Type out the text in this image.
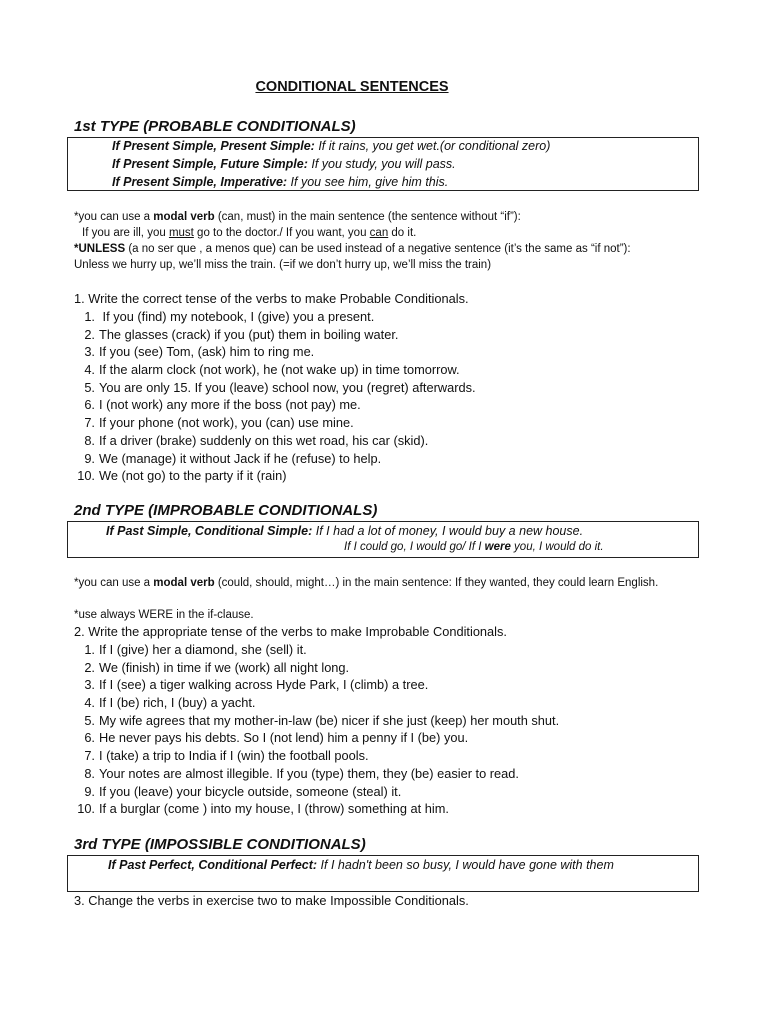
CONDITIONAL SENTENCES
1st TYPE (PROBABLE CONDITIONALS)
If Present Simple, Present Simple: If it rains, you get wet.(or conditional zero)
If Present Simple, Future Simple: If you study, you will pass.
If Present Simple, Imperative: If you see him, give him this.
*you can use a modal verb (can, must) in the main sentence (the sentence without “if”):
If you are ill, you must go to the doctor./ If you want, you can do it.
*UNLESS (a no ser que , a menos que) can be used instead of a negative sentence (it’s the same as “if not”):
Unless we hurry up, we’ll miss the train. (=if we don’t hurry up, we’ll miss the train)
1. Write the correct tense of the verbs to make Probable Conditionals.
1. If you (find) my notebook, I (give) you a present.
2. The glasses (crack) if you (put) them in boiling water.
3. If you (see) Tom, (ask) him to ring me.
4. If the alarm clock (not work), he (not wake up) in time tomorrow.
5. You are only 15. If you (leave) school now, you (regret) afterwards.
6. I (not work) any more if the boss (not pay) me.
7. If your phone (not work), you (can) use mine.
8. If a driver (brake) suddenly on this wet road, his car (skid).
9. We (manage) it without Jack if he (refuse) to help.
10. We (not go) to the party if it (rain)
2nd TYPE (IMPROBABLE CONDITIONALS)
If Past Simple, Conditional Simple: If I had a lot of money, I would buy a new house.
If I could go, I would go/ If I were you, I would do it.
*you can use a modal verb (could, should, might…) in the main sentence: If they wanted, they could learn English.
*use always WERE in the if-clause.
2. Write the appropriate tense of the verbs to make Improbable Conditionals.
1. If I (give) her a diamond, she (sell) it.
2. We (finish) in time if we (work) all night long.
3. If I (see) a tiger walking across Hyde Park, I (climb) a tree.
4. If I (be) rich, I (buy) a yacht.
5. My wife agrees that my mother-in-law (be) nicer if she just (keep) her mouth shut.
6. He never pays his debts. So I (not lend) him a penny if I (be) you.
7. I (take) a trip to India if I (win) the football pools.
8. Your notes are almost illegible. If you (type) them, they (be) easier to read.
9. If you (leave) your bicycle outside, someone (steal) it.
10. If a burglar (come ) into my house, I (throw) something at him.
3rd TYPE (IMPOSSIBLE CONDITIONALS)
If Past Perfect, Conditional Perfect: If I hadn't been so busy, I would have gone with them
3. Change the verbs in exercise two to make Impossible Conditionals.
